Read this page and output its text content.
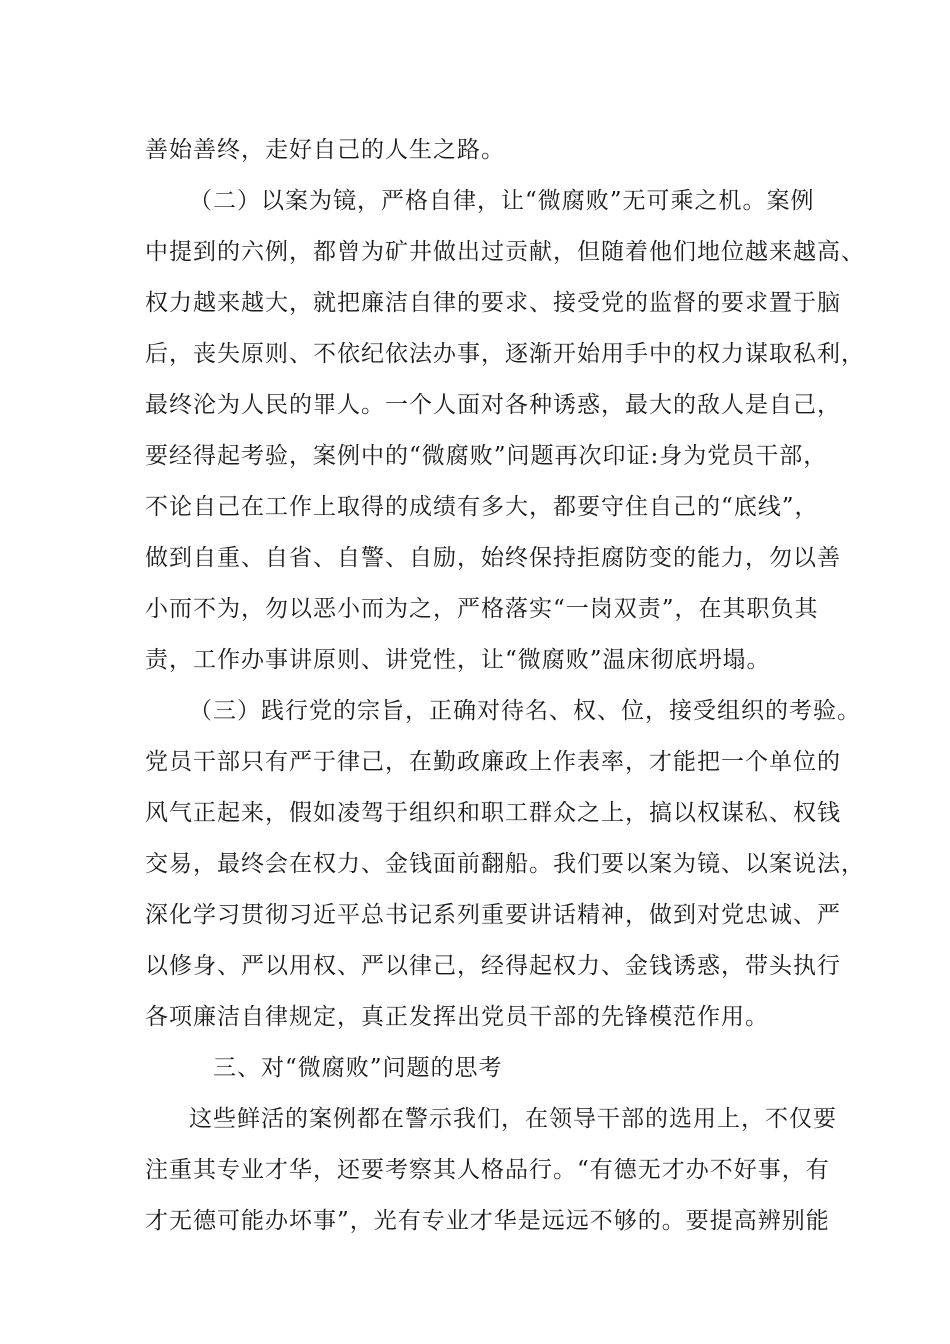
善始善终，走好自己的人生之路。
（二）以案为镜，严格自律，让“微腐败”无可乘之机。案例
中提到的六例，都曾为矿井做出过贡献，但随着他们地位越来越高、
权力越来越大，就把廉洁自律的要求、接受党的监督的要求置于脑
后，丧失原则、不依纪依法办事，逐渐开始用手中的权力谋取私利，
最终沦为人民的罪人。一个人面对各种诱惑，最大的敌人是自己，
要经得起考验，案例中的“微腐败”问题再次印证:身为党员干部，
不论自己在工作上取得的成绩有多大，都要守住自己的“底线”，
做到自重、自省、自警、自励，始终保持拒腐防变的能力，勿以善
小而不为，勿以恶小而为之，严格落实“一岗双责”，在其职负其
责，工作办事讲原则、讲党性，让“微腐败”温床彻底坍塌。
（三）践行党的宗旨，正确对待名、权、位，接受组织的考验。
党员干部只有严于律己，在勤政廉政上作表率，才能把一个单位的
风气正起来，假如凌驾于组织和职工群众之上，搞以权谋私、权钱
交易，最终会在权力、金钱面前翻船。我们要以案为镜、以案说法，
深化学习贯彻习近平总书记系列重要讲话精神，做到对党忠诚、严
以修身、严以用权、严以律己，经得起权力、金钱诱惑，带头执行
各项廉洁自律规定，真正发挥出党员干部的先锋模范作用。
三、对“微腐败”问题的思考
这些鲜活的案例都在警示我们，在领导干部的选用上，不仅要
注重其专业才华，还要考察其人格品行。“有德无才办不好事，有
才无德可能办坏事”，光有专业才华是远远不够的。要提高辨别能
